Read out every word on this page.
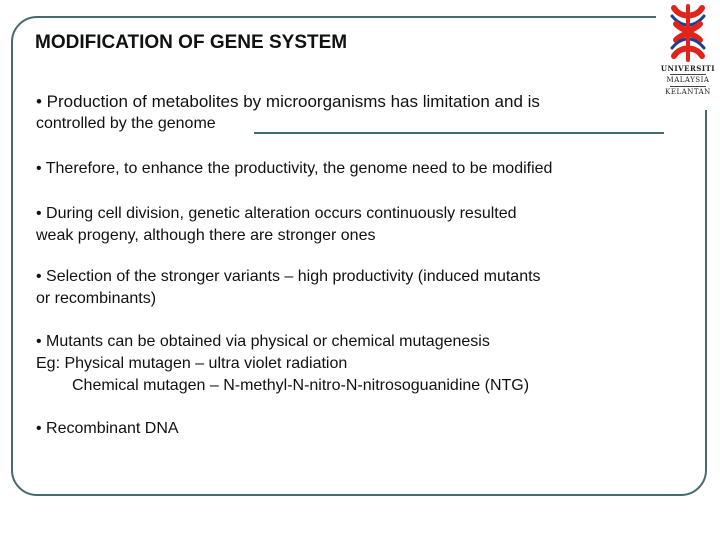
UNIVERSITI
MALAYSIA
KELANTAN
MODIFICATION OF GENE SYSTEM
• Production of metabolites by microorganisms has limitation and is
controlled by the genome
• Therefore, to enhance the productivity, the genome need to be modified
• During cell division, genetic alteration occurs continuously resulted
weak progeny, although there are stronger ones
• Selection of the stronger variants – high productivity (induced mutants
or recombinants)
• Mutants can be obtained via physical or chemical mutagenesis
Eg: Physical mutagen – ultra violet radiation
Chemical mutagen – N-methyl-N-nitro-N-nitrosoguanidine (NTG)
• Recombinant DNA
